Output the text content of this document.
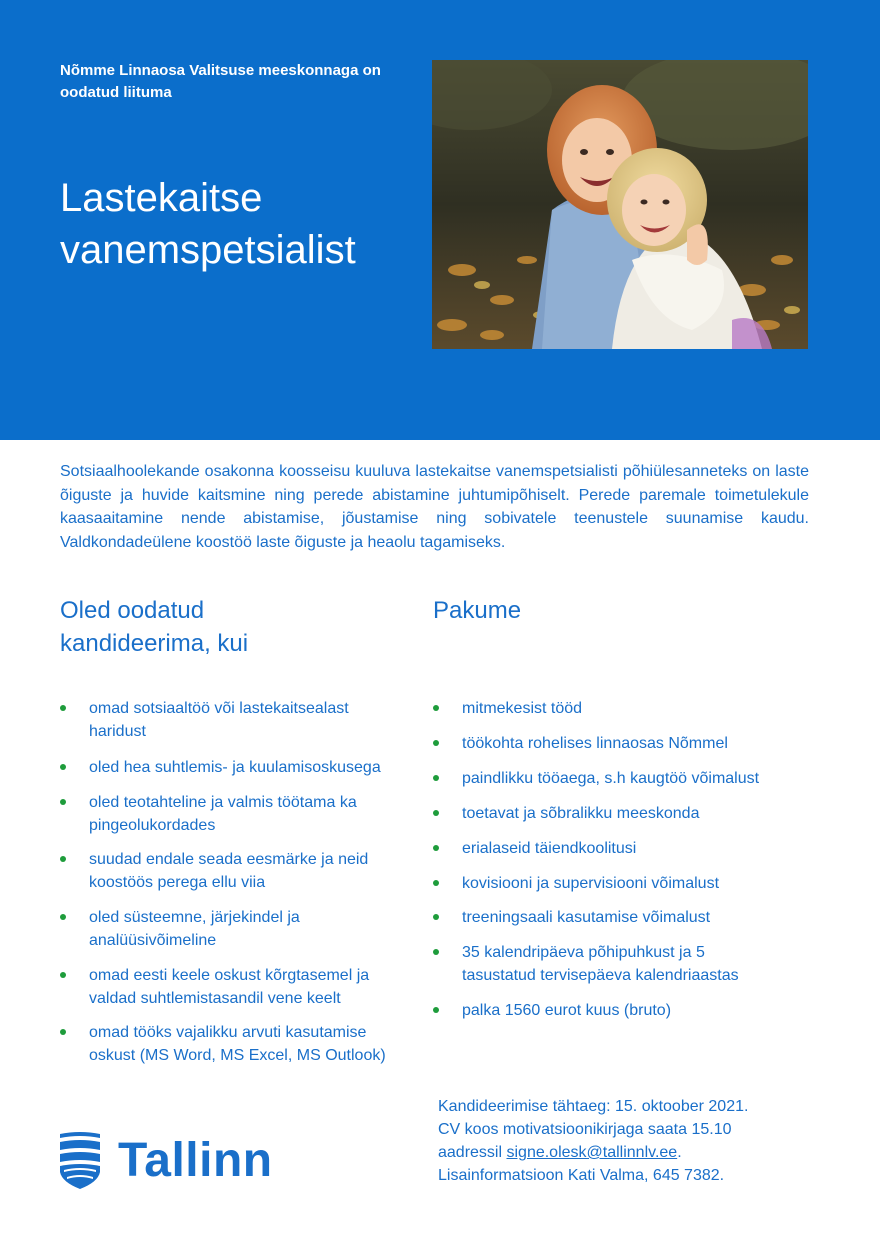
Nõmme Linnaosa Valitsuse meeskonnaga on oodatud liituma
Lastekaitse
vanemspetsialist

Sotsiaalhoolekande osakonna koosseisu kuuluva lastekaitse vanemspetsialisti põhiülesanneteks on laste õiguste ja huvide kaitsmine ning perede abistamine juhtumipõhiselt. Perede paremale toimetulekule kaasaaitamine nende abistamise, jõustamise ning sobivatele teenustele suunamise kaudu. Valdkondadeülene koostöö laste õiguste ja heaolu tagamiseks.

Oled oodatud
kandideerima, kui
Pakume
omad sotsiaaltöö või lastekaitsealast haridust
oled hea suhtlemis- ja kuulamisoskusega
oled teotahteline ja valmis töötama ka pingeolukordades
suudad endale seada eesmärke ja neid koostöös perega ellu viia
oled süsteemne, järjekindel ja analüüsivõimeline
omad eesti keele oskust kõrgtasemel ja valdad suhtlemistasandil vene keelt
omad tööks vajalikku arvuti kasutamise oskust (MS Word, MS Excel, MS Outlook)
mitmekesist tööd
töökohta rohelises linnaosas Nõmmel
paindlikku tööaega, s.h kaugtöö võimalust
toetavat ja sõbralikku meeskonda
erialaseid täiendkoolitusi
kovisiooni ja supervisiooni võimalust
treeningsaali kasutamise võimalust
35 kalendripäeva põhipuhkust ja 5 tasustatud tervisepäeva kalendriaastas
palka 1560 eurot kuus (bruto)
Kandideerimise tähtaeg: 15. oktoober 2021.
CV koos motivatsioonikirjaga saata 15.10
aadressil signe.olesk@tallinnlv.ee.
Lisainformatsioon Kati Valma, 645 7382.
Tallinn
